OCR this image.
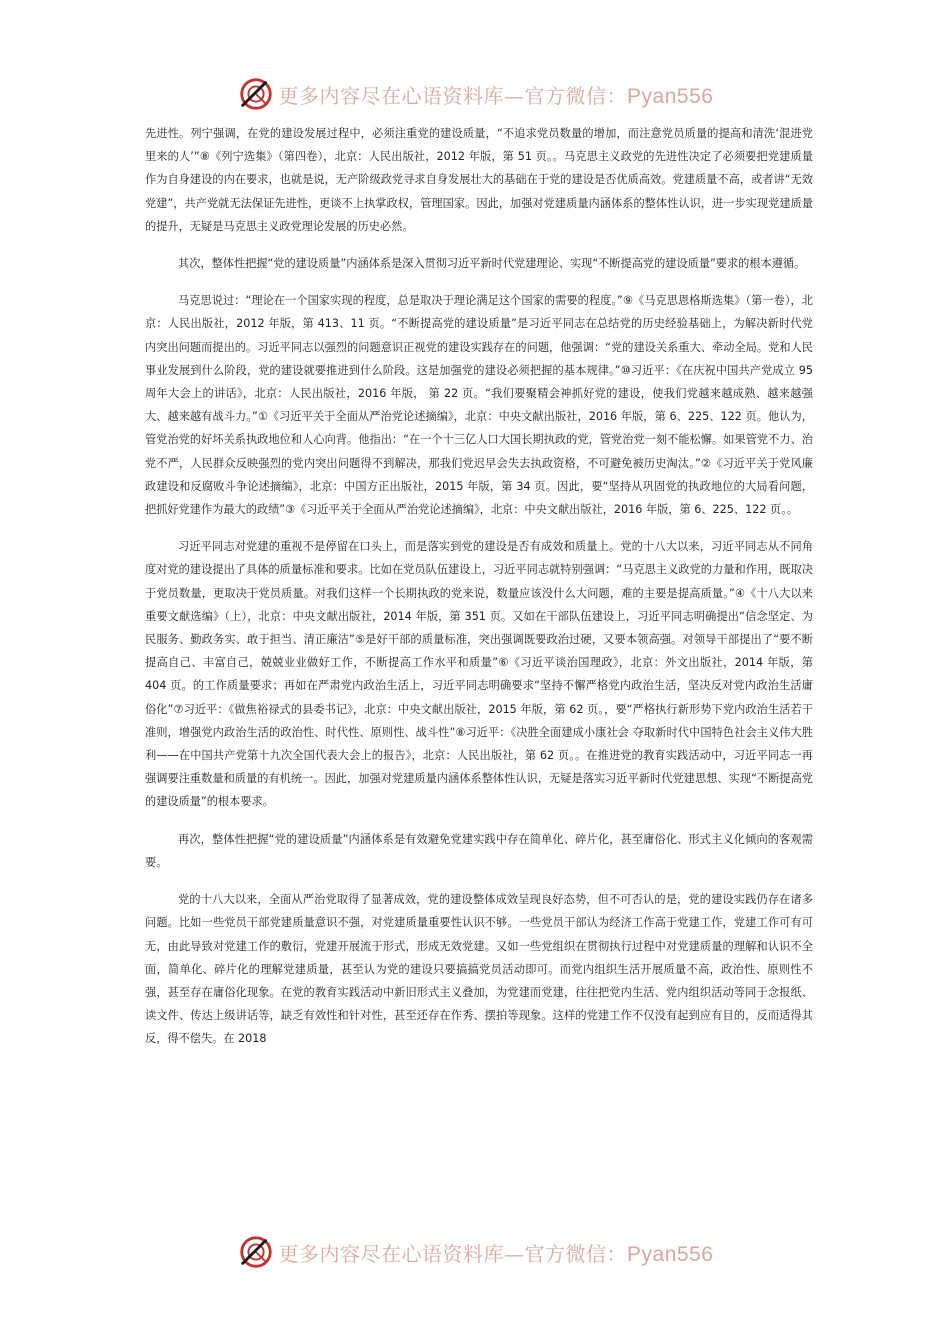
更多内容尽在心语资料库—官方微信：Pyan556

先进性。列宁强调，在党的建设发展过程中，必须注重党的建设质量，“不追求党员数量的增加，而注意党员质量的提高和清洗‘混进党里来的人’”⑧《列宁选集》（第四卷），北京：人民出版社，2012 年版，第 51 页。。马克思主义政党的先进性决定了必须要把党建质量作为自身建设的内在要求，也就是说，无产阶级政党寻求自身发展壮大的基础在于党的建设是否优质高效。党建质量不高，或者讲“无效党建”，共产党就无法保证先进性，更谈不上执掌政权，管理国家。因此，加强对党建质量内涵体系的整体性认识，进一步实现党建质量的提升，无疑是马克思主义政党理论发展的历史必然。

其次，整体性把握“党的建设质量”内涵体系是深入贯彻习近平新时代党建理论、实现“不断提高党的建设质量”要求的根本遵循。

马克思说过：“理论在一个国家实现的程度，总是取决于理论满足这个国家的需要的程度。”⑨《马克思恩格斯选集》（第一卷），北京：人民出版社，2012 年版，第 413、11 页。“不断提高党的建设质量”是习近平同志在总结党的历史经验基础上，为解决新时代党内突出问题而提出的。习近平同志以强烈的问题意识正视党的建设实践存在的问题，他强调：“党的建设关系重大、牵动全局。党和人民事业发展到什么阶段，党的建设就要推进到什么阶段。这是加强党的建设必须把握的基本规律。”⑩习近平：《在庆祝中国共产党成立 95 周年大会上的讲话》，北京：人民出版社，2016 年版， 第 22 页。“我们要聚精会神抓好党的建设，使我们党越来越成熟、越来越强大、越来越有战斗力。”①《习近平关于全面从严治党论述摘编》，北京：中央文献出版社，2016 年版，第 6、225、122 页。他认为，管党治党的好坏关系执政地位和人心向背。他指出：“在一个十三亿人口大国长期执政的党，管党治党一刻不能松懈。如果管党不力、治党不严，人民群众反映强烈的党内突出问题得不到解决，那我们党迟早会失去执政资格，不可避免被历史淘汰。”②《习近平关于党风廉政建设和反腐败斗争论述摘编》，北京：中国方正出版社，2015 年版，第 34 页。因此，要“坚持从巩固党的执政地位的大局看问题，把抓好党建作为最大的政绩”③《习近平关于全面从严治党论述摘编》，北京：中央文献出版社，2016 年版，第 6、225、122 页。。

习近平同志对党建的重视不是停留在口头上，而是落实到党的建设是否有成效和质量上。党的十八大以来，习近平同志从不同角度对党的建设提出了具体的质量标准和要求。比如在党员队伍建设上，习近平同志就特别强调：“马克思主义政党的力量和作用，既取决于党员数量，更取决于党员质量。对我们这样一个长期执政的党来说，数量应该没什么大问题，难的主要是提高质量。”④《十八大以来重要文献选编》（上），北京：中央文献出版社，2014 年版，第 351 页。又如在干部队伍建设上，习近平同志明确提出“信念坚定、为民服务、勤政务实、敢于担当、清正廉洁”⑤是好干部的质量标准，突出强调既要政治过硬，又要本领高强。对领导干部提出了“要不断提高自己、丰富自己，兢兢业业做好工作，不断提高工作水平和质量”⑥《习近平谈治国理政》，北京：外文出版社，2014 年版，第 404 页。的工作质量要求；再如在严肃党内政治生活上，习近平同志明确要求“坚持不懈严格党内政治生活，坚决反对党内政治生活庸俗化”⑦习近平：《做焦裕禄式的县委书记》，北京：中央文献出版社，2015 年版，第 62 页。，要“严格执行新形势下党内政治生活若干准则，增强党内政治生活的政治性、时代性、原则性、战斗性”⑧习近平：《决胜全面建成小康社会 夺取新时代中国特色社会主义伟大胜利——在中国共产党第十九次全国代表大会上的报告》，北京：人民出版社，第 62 页。。在推进党的教育实践活动中，习近平同志一再强调要注重数量和质量的有机统一。因此，加强对党建质量内涵体系整体性认识，无疑是落实习近平新时代党建思想、实现“不断提高党的建设质量”的根本要求。

再次，整体性把握“党的建设质量”内涵体系是有效避免党建实践中存在简单化、碎片化，甚至庸俗化、形式主义化倾向的客观需要。

党的十八大以来，全面从严治党取得了显著成效，党的建设整体成效呈现良好态势，但不可否认的是，党的建设实践仍存在诸多问题。比如一些党员干部党建质量意识不强，对党建质量重要性认识不够。一些党员干部认为经济工作高于党建工作，党建工作可有可无，由此导致对党建工作的敷衍，党建开展流于形式，形成无效党建。又如一些党组织在贯彻执行过程中对党建质量的理解和认识不全面，简单化、碎片化的理解党建质量，甚至认为党的建设只要搞搞党员活动即可。而党内组织生活开展质量不高，政治性、原则性不强，甚至存在庸俗化现象。在党的教育实践活动中新旧形式主义叠加，为党建而党建，往往把党内生活、党内组织活动等同于念报纸、读文件、传达上级讲话等，缺乏有效性和针对性，甚至还存在作秀、摆拍等现象。这样的党建工作不仅没有起到应有目的，反而适得其反，得不偿失。在 2018

更多内容尽在心语资料库—官方微信：Pyan556
